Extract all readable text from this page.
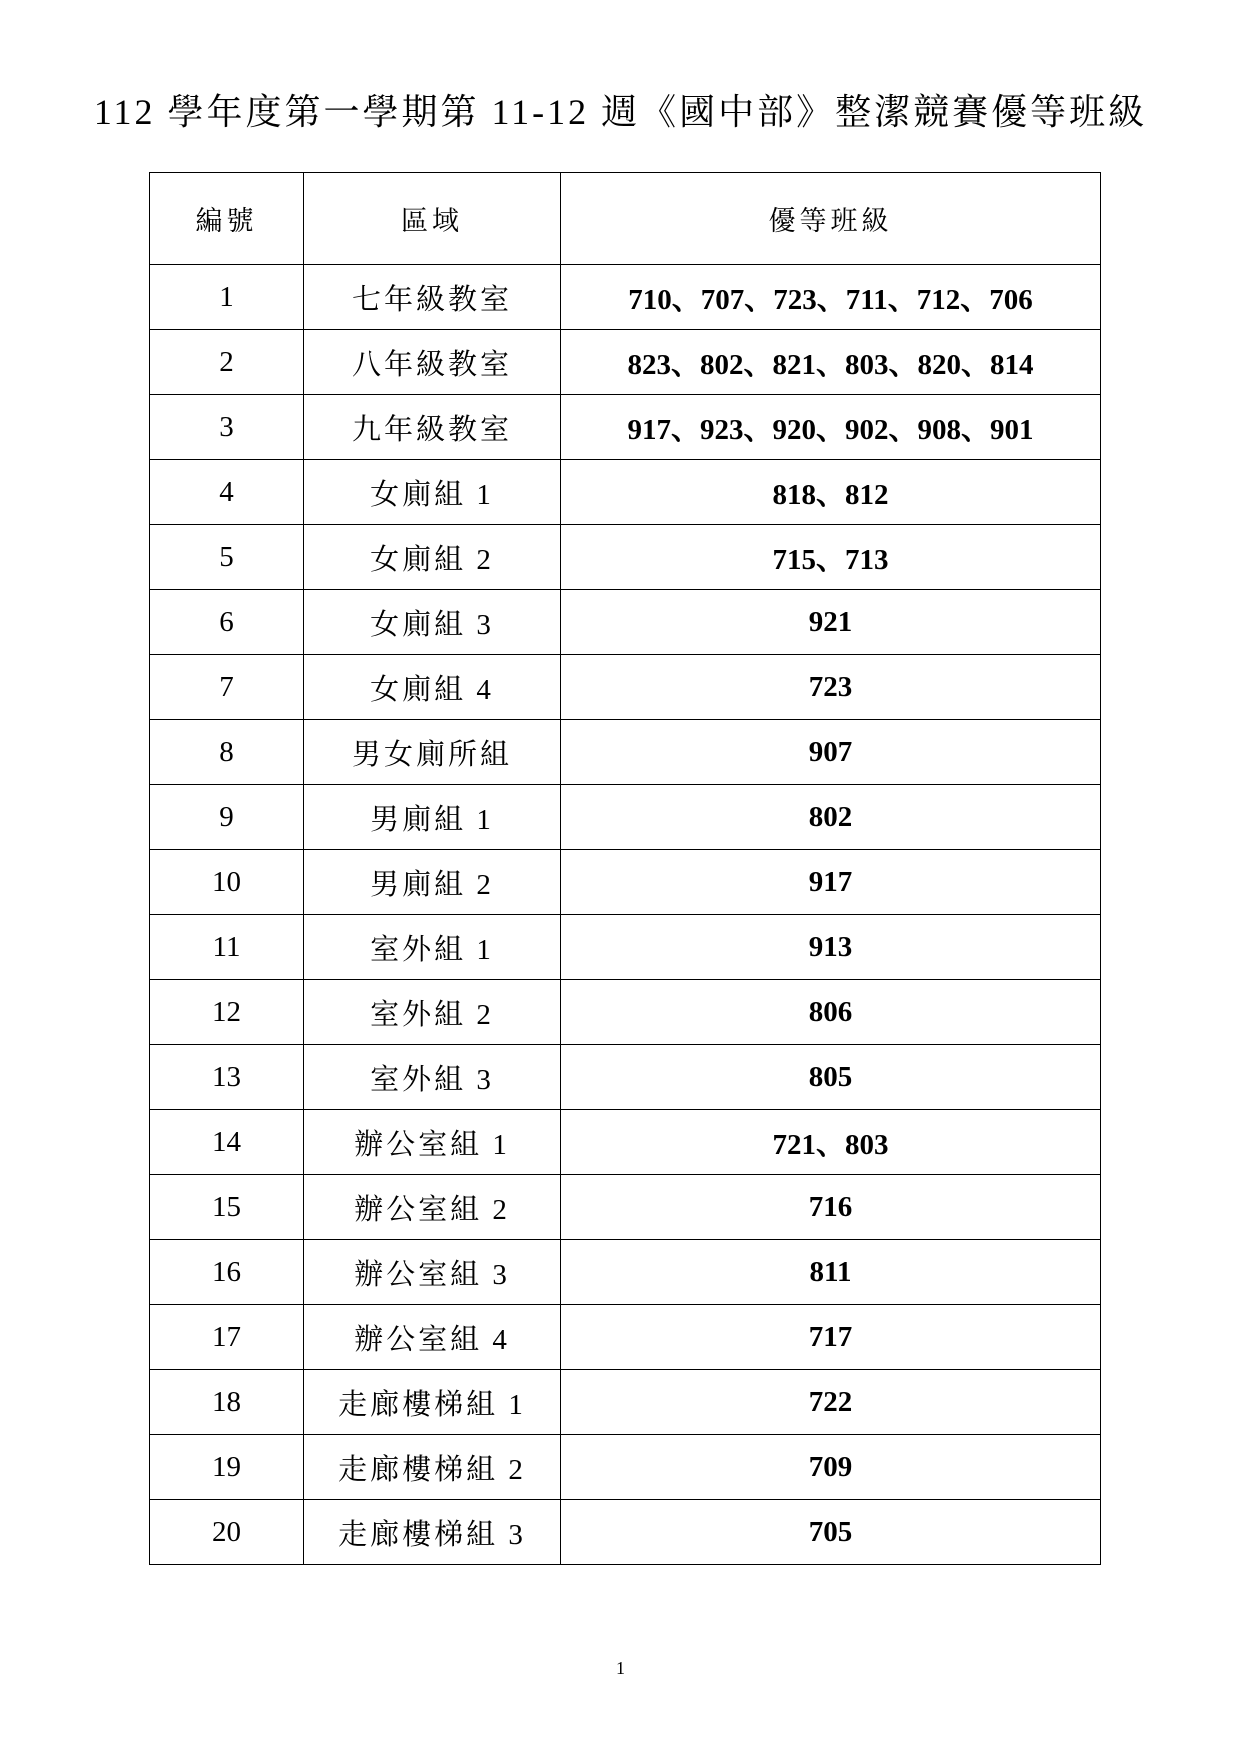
112 學年度第一學期第 11-12 週《國中部》整潔競賽優等班級
編號	區域	優等班級
1	七年級教室	710、707、723、711、712、706
2	八年級教室	823、802、821、803、820、814
3	九年級教室	917、923、920、902、908、901
4	女廁組 1	818、812
5	女廁組 2	715、713
6	女廁組 3	921
7	女廁組 4	723
8	男女廁所組	907
9	男廁組 1	802
10	男廁組 2	917
11	室外組 1	913
12	室外組 2	806
13	室外組 3	805
14	辦公室組 1	721、803
15	辦公室組 2	716
16	辦公室組 3	811
17	辦公室組 4	717
18	走廊樓梯組 1	722
19	走廊樓梯組 2	709
20	走廊樓梯組 3	705
1
